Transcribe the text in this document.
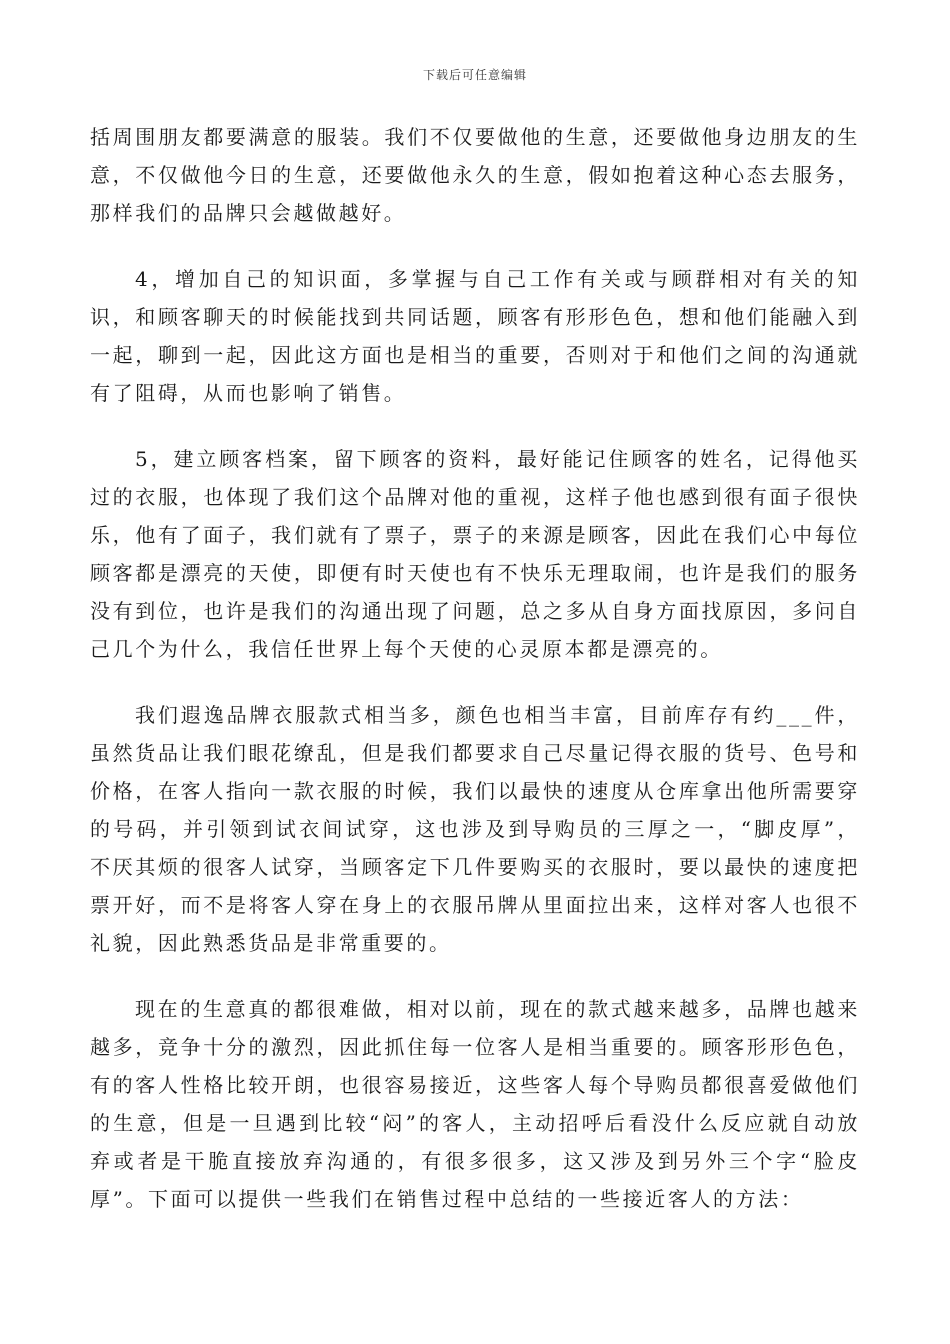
下载后可任意编辑

括周围朋友都要满意的服装。我们不仅要做他的生意，还要做他身边朋友的生意，不仅做他今日的生意，还要做他永久的生意，假如抱着这种心态去服务，那样我们的品牌只会越做越好。

4，增加自己的知识面，多掌握与自己工作有关或与顾群相对有关的知识，和顾客聊天的时候能找到共同话题，顾客有形形色色，想和他们能融入到一起，聊到一起，因此这方面也是相当的重要，否则对于和他们之间的沟通就有了阻碍，从而也影响了销售。

5，建立顾客档案，留下顾客的资料，最好能记住顾客的姓名，记得他买过的衣服，也体现了我们这个品牌对他的重视，这样子他也感到很有面子很快乐，他有了面子，我们就有了票子，票子的来源是顾客，因此在我们心中每位顾客都是漂亮的天使，即便有时天使也有不快乐无理取闹，也许是我们的服务没有到位，也许是我们的沟通出现了问题，总之多从自身方面找原因，多问自己几个为什么，我信任世界上每个天使的心灵原本都是漂亮的。

我们遐逸品牌衣服款式相当多，颜色也相当丰富，目前库存有约___件，虽然货品让我们眼花缭乱，但是我们都要求自己尽量记得衣服的货号、色号和价格，在客人指向一款衣服的时候，我们以最快的速度从仓库拿出他所需要穿的号码，并引领到试衣间试穿，这也涉及到导购员的三厚之一，“脚皮厚”，不厌其烦的很客人试穿，当顾客定下几件要购买的衣服时，要以最快的速度把票开好，而不是将客人穿在身上的衣服吊牌从里面拉出来，这样对客人也很不礼貌，因此熟悉货品是非常重要的。

现在的生意真的都很难做，相对以前，现在的款式越来越多，品牌也越来越多，竞争十分的激烈，因此抓住每一位客人是相当重要的。顾客形形色色，有的客人性格比较开朗，也很容易接近，这些客人每个导购员都很喜爱做他们的生意，但是一旦遇到比较“闷”的客人，主动招呼后看没什么反应就自动放弃或者是干脆直接放弃沟通的，有很多很多，这又涉及到另外三个字“脸皮厚”。下面可以提供一些我们在销售过程中总结的一些接近客人的方法：
